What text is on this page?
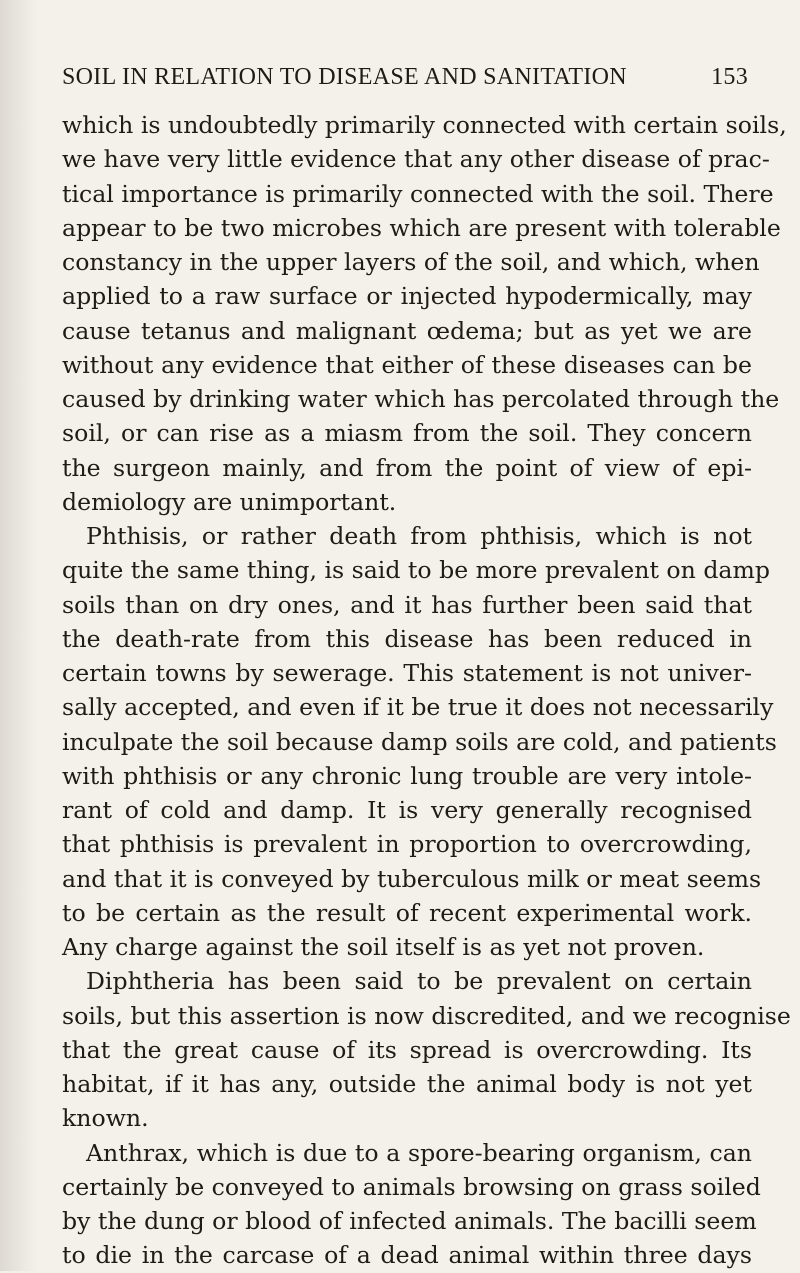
SOIL IN RELATION TO DISEASE AND SANITATION	153
which is undoubtedly primarily connected with certain soils,
we have very little evidence that any other disease of prac-
tical importance is primarily connected with the soil. There
appear to be two microbes which are present with tolerable
constancy in the upper layers of the soil, and which, when
applied to a raw surface or injected hypodermically, may
cause tetanus and malignant œdema; but as yet we are
without any evidence that either of these diseases can be
caused by drinking water which has percolated through the
soil, or can rise as a miasm from the soil. They concern
the surgeon mainly, and from the point of view of epi-
demiology are unimportant.
Phthisis, or rather death from phthisis, which is not
quite the same thing, is said to be more prevalent on damp
soils than on dry ones, and it has further been said that
the death-rate from this disease has been reduced in
certain towns by sewerage. This statement is not univer-
sally accepted, and even if it be true it does not necessarily
inculpate the soil because damp soils are cold, and patients
with phthisis or any chronic lung trouble are very intole-
rant of cold and damp. It is very generally recognised
that phthisis is prevalent in proportion to overcrowding,
and that it is conveyed by tuberculous milk or meat seems
to be certain as the result of recent experimental work.
Any charge against the soil itself is as yet not proven.
Diphtheria has been said to be prevalent on certain
soils, but this assertion is now discredited, and we recognise
that the great cause of its spread is overcrowding. Its
habitat, if it has any, outside the animal body is not yet
known.
Anthrax, which is due to a spore-bearing organism, can
certainly be conveyed to animals browsing on grass soiled
by the dung or blood of infected animals. The bacilli seem
to die in the carcase of a dead animal within three days
